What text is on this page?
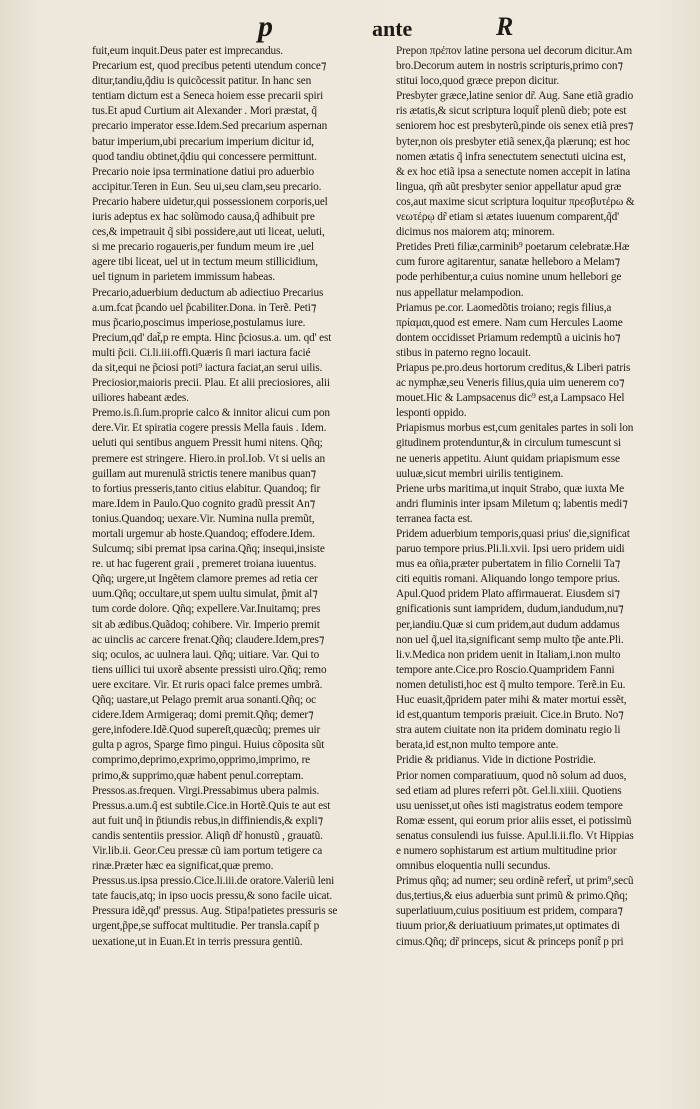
p	ante	R
fuit,eum inquit.Deus pater est imprecandus.
Precarium est, quod precibus petenti utendum conce⁊
ditur,tandiu,q̃diu is quicõcessit patitur. In hanc sen
tentiam dictum est a Seneca hoiem esse precarii spiri
tus.Et apud Curtium ait Alexander . Mori præstat, q̃
precario imperator esse.Idem.Sed precarium aspernan
batur imperium,ubi precarium imperium dicitur id,
quod tandiu obtinet,q̃diu qui concessere permittunt.
Precario noie ipsa terminatione datiui pro aduerbio
accipitur.Teren in Eun. Seu ui,seu clam,seu precario.
Precario habere uidetur,qui possessionem corporis,uel
iuris adeptus ex hac solũmodo causa,q̃ adhibuit pre
ces,& impetrauit q̃ sibi possidere,aut uti liceat, ueluti,
si me precario rogaueris,per fundum meum ire ,uel
agere tibi liceat, uel ut in tectum meum stillicidium,
uel tignum in parietem immissum habeas.
Precario,aduerbium deductum ab adiectiuo Precarius
a.um.fcat p̃cando uel p̃cabiliter.Dona. in Terẽ. Peti⁊
mus p̃cario,poscimus imperiose,postulamus iure.
Precium,qd' dat̃,p re empta. Hinc p̃ciosus.a. um. qd' est
multi p̃cii. Ci.li.iii.offi.Quæris ſi mari iactura facié
da sit,equi ne p̃ciosi poti⁹ iactura faciat,an serui uilis.
Preciosior,maioris precii. Plau. Et alii preciosiores, alii
uiliores habeant ædes.
Premo.is.ſi.ſum.proprie calco & innitor alicui cum pon
dere.Vir. Et spiratia cogere pressis Mella fauis . Idem.
ueluti qui sentibus anguem Pressit humi nitens. Qñq;
premere est stringere. Hiero.in prol.Iob. Vt si uelis an
guillam aut murenulã strictis tenere manibus quan⁊
to fortius presseris,tanto citius elabitur. Quandoq; fir
mare.Idem in Paulo.Quo cognito gradũ pressit An⁊
tonius.Quandoq; uexare.Vir. Numina nulla premũt,
mortali urgemur ab hoste.Quandoq; effodere.Idem.
Sulcumq; sibi premat ipsa carina.Qñq; insequi,insiste
re. ut hac fugerent graii , premeret troiana iuuentus.
Qñq; urgere,ut Ingẽtem clamore premes ad retia cer
uum.Qñq; occultare,ut spem uultu simulat, p̃mit al⁊
tum corde dolore. Qñq; expellere.Var.Inuitamq; pres
sit ab ædibus.Quãdoq; cohibere. Vir. Imperio premit
ac uinclis ac carcere frenat.Qñq; claudere.Idem,pres⁊
siq; oculos, ac uulnera laui. Qñq; uitiare. Var. Qui to
tiens uillici tui uxorẽ absente pressisti uiro.Qñq; remo
uere excitare. Vir. Et ruris opaci falce premes umbrã.
Qñq; uastare,ut Pelago premit arua sonanti.Qñq; oc
cidere.Idem Armigeraq; domi premit.Qñq; demer⁊
gere,infodere.Idẽ.Quod supereſt,quæcũq; premes uir
gulta p agros, Sparge fimo pingui. Huius cõposita sũt
comprimo,deprimo,exprimo,opprimo,imprimo, re
primo,& supprimo,quæ habent penul.correptam.
Pressos.as.frequen. Virgi.Pressabimus ubera palmis.
Pressus.a.um.q̃ est subtile.Cice.in Hortẽ.Quis te aut est
aut fuit unq̃ in p̃tiundis rebus,in diffiniendis,& expli⁊
candis sententiis pressior. Aliqñ dr̃ honustũ , grauatũ.
Vir.lib.ii. Geor.Ceu pressæ cũ iam portum tetigere ca
rinæ.Præter hæc ea significat,quæ premo.
Pressus.us.ipsa pressio.Cice.li.iii.de oratore.Valeriũ leni
tate faucis,atq; in ipso uocis pressu,& sono facile uicat.
Pressura idẽ,qd' pressus. Aug. Stipa!patietes pressuris se
urgent,p̃pe,se suffocat multitudie. Per transla.capit̃ p
uexatione,ut in Euan.Et in terris pressura gentiũ.
Prepon πρέπον latine persona uel decorum dicitur.Am
bro.Decorum autem in nostris scripturis,primo con⁊
stitui loco,quod græce prepon dicitur.
Presbyter græce,latine senior dr̃. Aug. Sane etiã gradio
ris ætatis,& sicut scriptura loquit̃ plenũ dieb; pote est
seniorem hoc est presbyterũ,pinde ois senex etiã pres⁊
byter,non ois presbyter etiã senex,q̃a plærunq; est hoc
nomen ætatis q̃ infra senectutem senectuti uicina est,
& ex hoc etiã ipsa a senectute nomen accepit in latina
lingua, qm̃ aũt presbyter senior appellatur apud græ
cos,aut maxime sicut scriptura loquitur πρεσβυτέρω &
νεωτέρῳ dr̃ etiam si ætates iuuenum comparent,q̃d'
dicimus nos maiorem atq; minorem.
Pretides Preti filiæ,carminib⁹ poetarum celebratæ.Hæ
cum furore agitarentur, sanatæ helleboro a Melam⁊
pode perhibentur,a cuius nomine unum hellebori ge
nus appellatur melampodion.
Priamus pe.cor. Laomedõtis troiano; regis filius,a
πρίαμαι,quod est emere. Nam cum Hercules Laome
dontem occidisset Priamum redemptũ a uicinis ho⁊
stibus in paterno regno locauit.
Priapus pe.pro.deus hortorum creditus,& Liberi patris
ac nymphæ,seu Veneris filius,quia uim uenerem co⁊
mouet.Hic & Lampsacenus dic⁹ est,a Lampsaco Hel
lesponti oppido.
Priapismus morbus est,cum genitales partes in soli lon
gitudinem protenduntur,& in circulum tumescunt si
ne ueneris appetitu. Aiunt quidam priapismum esse
uuluæ,sicut membri uirilis tentiginem.
Priene urbs maritima,ut inquit Strabo, quæ iuxta Me
andri fluminis inter ipsam Miletum q; labentis medi⁊
terranea facta est.
Pridem aduerbium temporis,quasi prius' die,significat
paruo tempore prius.Pli.li.xvii. Ipsi uero pridem uidi
mus ea oñia,præter pubertatem in filio Cornelii Ta⁊
citi equitis romani. Aliquando longo tempore prius.
Apul.Quod pridem Plato affirmauerat. Eiusdem si⁊
gnificationis sunt iampridem, dudum,iandudum,nu⁊
per,iandiu.Quæ si cum pridem,aut dudum addamus
non uel q̃,uel ita,significant semp multo tp̃e ante.Pli.
li.v.Medica non pridem uenit in Italiam,i.non multo
tempore ante.Cice.pro Roscio.Quampridem Fanni
nomen detulisti,hoc est q̃ multo tempore. Terẽ.in Eu.
Huc euasit,q̃pridem pater mihi & mater mortui essẽt,
id est,quantum temporis præiuit. Cice.in Bruto. No⁊
stra autem ciuitate non ita pridem dominatu regio li
berata,id est,non multo tempore ante.
Pridie & pridianus. Vide in dictione Postridie.
Prior nomen comparatiuum, quod nõ solum ad duos,
sed etiam ad plures referri põt. Gel.li.xiiii. Quotiens
usu uenisset,ut oñes isti magistratus eodem tempore
Romæ essent, qui eorum prior aliis esset, ei potissimũ
senatus consulendi ius fuisse. Apul.li.ii.flo. Vt Hippias
e numero sophistarum est artium multitudine prior
omnibus eloquentia nulli secundus.
Primus qñq; ad numer; seu ordinẽ refert̃, ut prim⁹,secũ
dus,tertius,& eius aduerbia sunt primũ & primo.Qñq;
superlatiuum,cuius positiuum est pridem, compara⁊
tiuum prior,& deriuatiuum primates,ut optimates di
cimus.Qñq; dr̃ princeps, sicut & princeps ponit̃ p pri
